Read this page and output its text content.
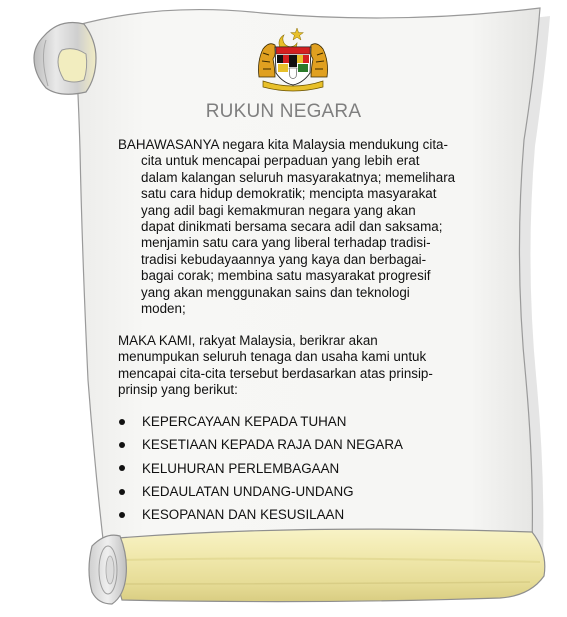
RUKUN NEGARA
BAHAWASANYA negara kita Malaysia mendukung cita-
cita untuk mencapai perpaduan yang lebih erat
dalam kalangan seluruh masyarakatnya; memelihara
satu cara hidup demokratik; mencipta masyarakat
yang adil bagi kemakmuran negara yang akan
dapat dinikmati bersama secara adil dan saksama;
menjamin satu cara yang liberal terhadap tradisi-
tradisi kebudayaannya yang kaya dan berbagai-
bagai corak; membina satu masyarakat progresif
yang akan menggunakan sains dan teknologi
moden;
MAKA KAMI, rakyat Malaysia, berikrar akan
menumpukan seluruh tenaga dan usaha kami untuk
mencapai cita-cita tersebut berdasarkan atas prinsip-
prinsip yang berikut:
KEPERCAYAAN KEPADA TUHAN
KESETIAAN KEPADA RAJA DAN NEGARA
KELUHURAN PERLEMBAGAAN
KEDAULATAN UNDANG-UNDANG
KESOPANAN DAN KESUSILAAN
